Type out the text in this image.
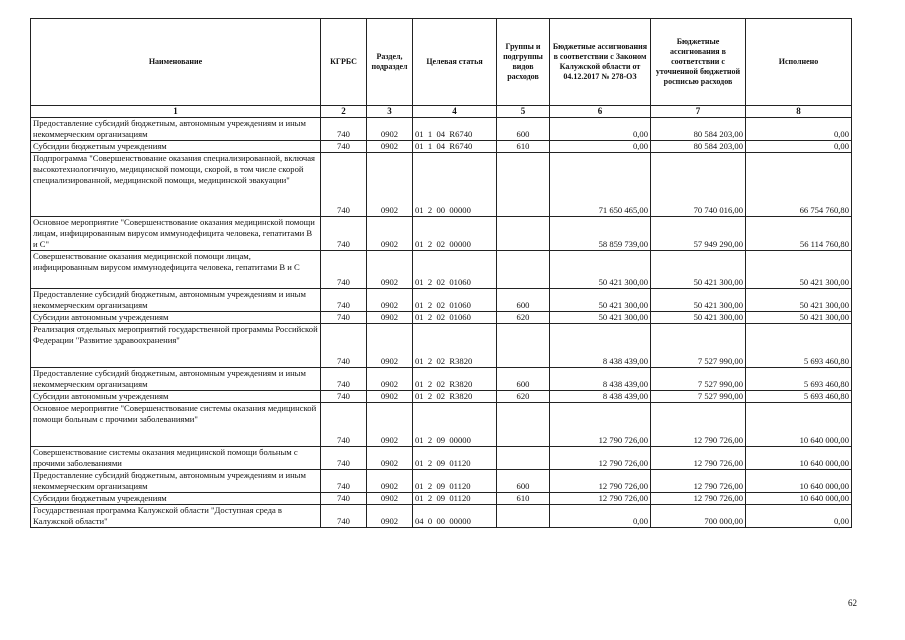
Наименование	КГРБС	Раздел, подраздел	Целевая статья	Группы и подгруппы видов расходов	Бюджетные ассигнования в соответствии с Законом Калужской области от 04.12.2017 № 278-ОЗ	Бюджетные ассигнования в соответствии с уточненной бюджетной росписью расходов	Исполнено
1	2	3	4	5	6	7	8
Предоставление субсидий бюджетным, автономным учреждениям и иным некоммерческим организациям	740	0902	01  1  04  R6740	600	0,00	80 584 203,00	0,00
Субсидии бюджетным учреждениям	740	0902	01  1  04  R6740	610	0,00	80 584 203,00	0,00
Подпрограмма "Совершенствование оказания специализированной, включая высокотехнологичную, медицинской помощи, скорой, в том числе скорой специализированной, медицинской помощи, медицинской эвакуации"	740	0902	01  2  00  00000		71 650 465,00	70 740 016,00	66 754 760,80
Основное мероприятие "Совершенствование оказания медицинской помощи лицам, инфицированным вирусом иммунодефицита человека, гепатитами В и С"	740	0902	01  2  02  00000		58 859 739,00	57 949 290,00	56 114 760,80
Совершенствование оказания медицинской помощи лицам, инфицированным вирусом иммунодефицита человека, гепатитами В и С	740	0902	01  2  02  01060		50 421 300,00	50 421 300,00	50 421 300,00
Предоставление субсидий бюджетным, автономным учреждениям и иным некоммерческим организациям	740	0902	01  2  02  01060	600	50 421 300,00	50 421 300,00	50 421 300,00
Субсидии автономным учреждениям	740	0902	01  2  02  01060	620	50 421 300,00	50 421 300,00	50 421 300,00
Реализация отдельных мероприятий государственной программы Российской Федерации "Развитие здравоохранения"	740	0902	01  2  02  R3820		8 438 439,00	7 527 990,00	5 693 460,80
Предоставление субсидий бюджетным, автономным учреждениям и иным некоммерческим организациям	740	0902	01  2  02  R3820	600	8 438 439,00	7 527 990,00	5 693 460,80
Субсидии автономным учреждениям	740	0902	01  2  02  R3820	620	8 438 439,00	7 527 990,00	5 693 460,80
Основное мероприятие "Совершенствование системы оказания медицинской помощи больным с прочими заболеваниями"	740	0902	01  2  09  00000		12 790 726,00	12 790 726,00	10 640 000,00
Совершенствование системы оказания медицинской помощи больным с прочими заболеваниями	740	0902	01  2  09  01120		12 790 726,00	12 790 726,00	10 640 000,00
Предоставление субсидий бюджетным, автономным учреждениям и иным некоммерческим организациям	740	0902	01  2  09  01120	600	12 790 726,00	12 790 726,00	10 640 000,00
Субсидии бюджетным учреждениям	740	0902	01  2  09  01120	610	12 790 726,00	12 790 726,00	10 640 000,00
Государственная программа Калужской области "Доступная среда в Калужской области"	740	0902	04  0  00  00000		0,00	700 000,00	0,00
62
